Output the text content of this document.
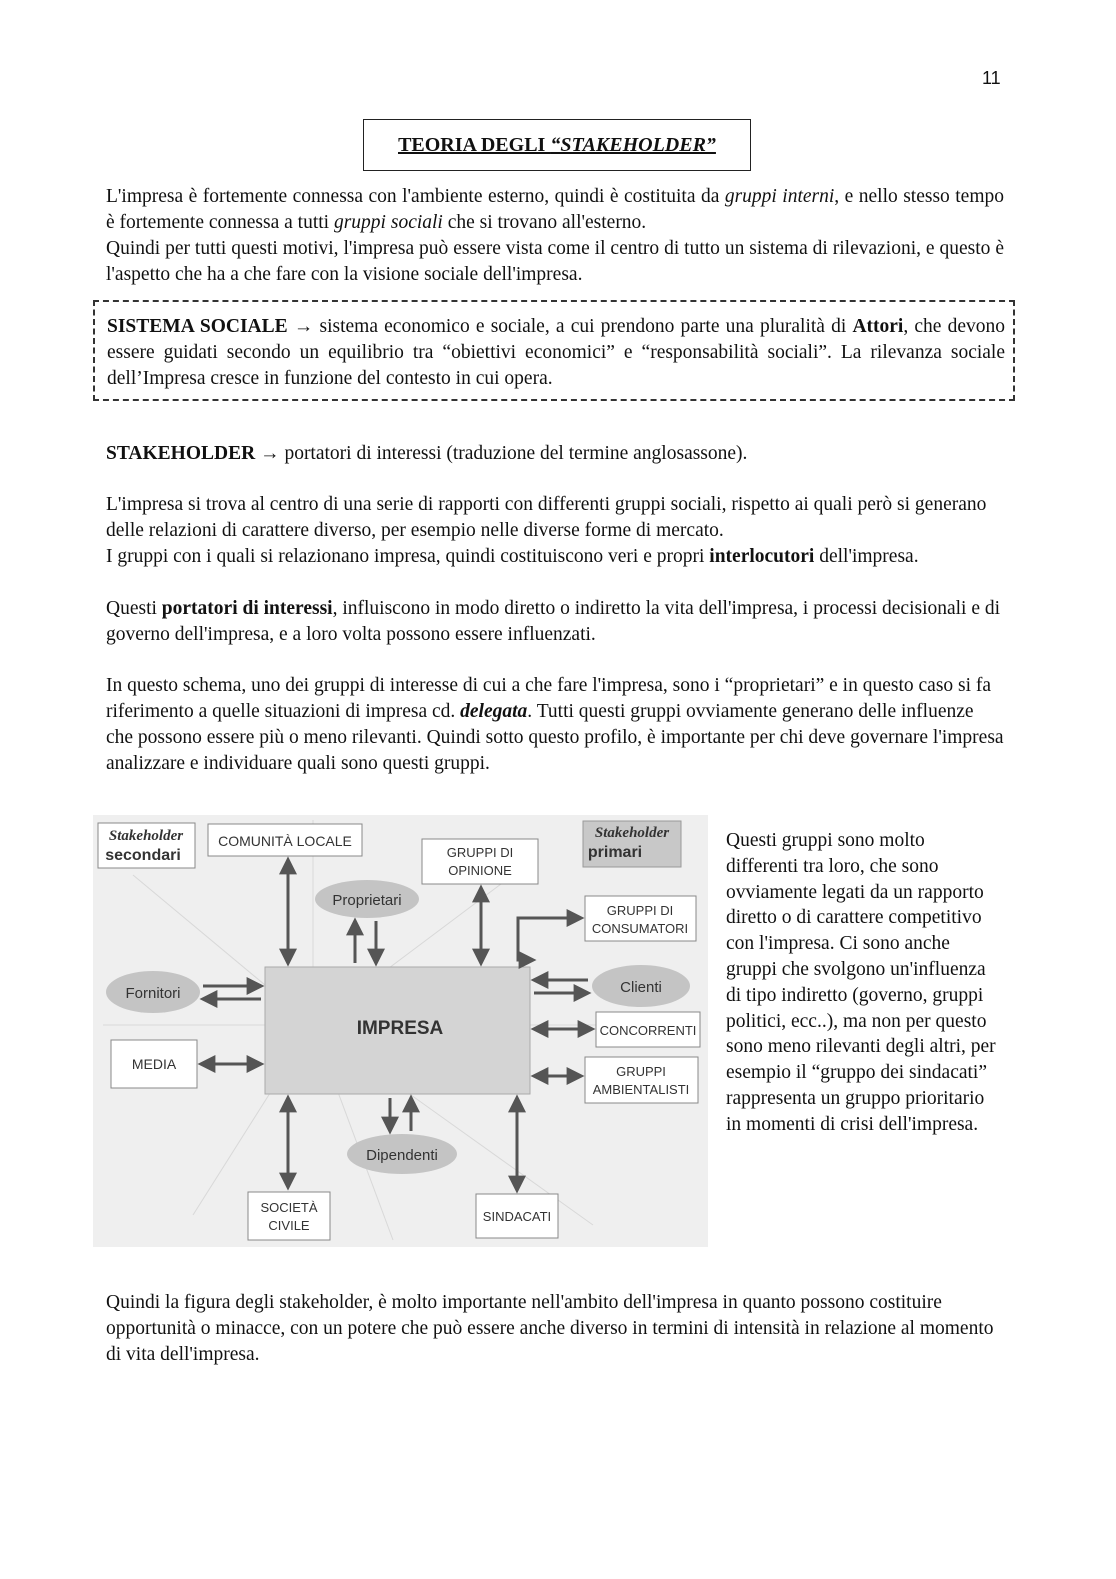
11
TEORIA DEGLI “STAKEHOLDER”

L'impresa è fortemente connessa con l'ambiente esterno, quindi è costituita da gruppi interni, e nello stesso tempo è fortemente connessa a tutti gruppi sociali che si trovano all'esterno.

Quindi per tutti questi motivi, l'impresa può essere vista come il centro di tutto un sistema di rilevazioni, e questo è l'aspetto che ha a che fare con la visione sociale dell'impresa.

SISTEMA SOCIALE → sistema economico e sociale, a cui prendono parte una pluralità di Attori, che devono essere guidati secondo un equilibrio tra “obiettivi economici” e “responsabilità sociali”. La rilevanza sociale dell’Impresa cresce in funzione del contesto in cui opera.

STAKEHOLDER → portatori di interessi (traduzione del termine anglosassone).

L'impresa si trova al centro di una serie di rapporti con differenti gruppi sociali, rispetto ai quali però si generano delle relazioni di carattere diverso, per esempio nelle diverse forme di mercato.

I gruppi con i quali si relazionano impresa, quindi costituiscono veri e propri interlocutori dell'impresa.

Questi portatori di interessi, influiscono in modo diretto o indiretto la vita dell'impresa, i processi decisionali e di governo dell'impresa, e a loro volta possono essere influenzati.

In questo schema, uno dei gruppi di interesse di cui a che fare l'impresa, sono i “proprietari” e in questo caso si fa riferimento a quelle situazioni di impresa cd. delegata. Tutti questi gruppi ovviamente generano delle influenze che possono essere più o meno rilevanti. Quindi sotto questo profilo, è importante per chi deve governare l'impresa analizzare e individuare quali sono questi gruppi.

Stakeholder
secondari
Stakeholder
primari
IMPRESA
COMUNITÀ LOCALE
GRUPPI DI
OPINIONE
GRUPPI DI
CONSUMATORI
CONCORRENTI
GRUPPI
AMBIENTALISTI
MEDIA
SOCIETÀ
CIVILE
SINDACATI
Proprietari
Fornitori	Clienti
Dipendenti

Questi gruppi sono molto differenti tra loro, che sono ovviamente legati da un rapporto diretto o di carattere competitivo con l'impresa. Ci sono anche gruppi che svolgono un'influenza di tipo indiretto (governo, gruppi politici, ecc..), ma non per questo sono meno rilevanti degli altri, per esempio il “gruppo dei sindacati” rappresenta un gruppo prioritario in momenti di crisi dell'impresa.

Quindi la figura degli stakeholder, è molto importante nell'ambito dell'impresa in quanto possono costituire opportunità o minacce, con un potere che può essere anche diverso in termini di intensità in relazione al momento di vita dell'impresa.
